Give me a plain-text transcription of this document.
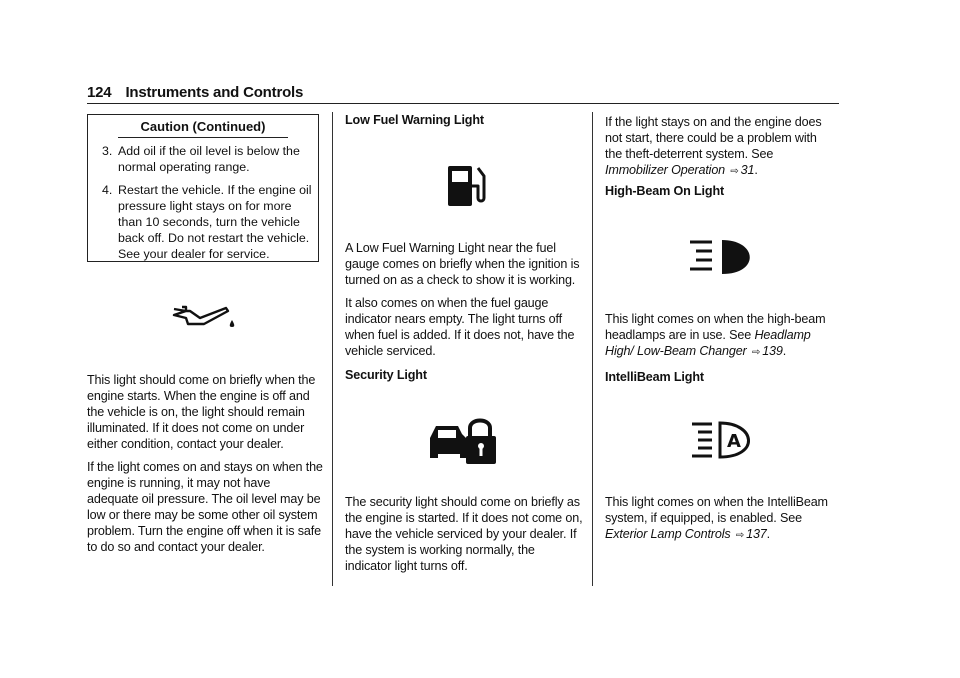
124 Instruments and Controls
Caution (Continued)
3. Add oil if the oil level is below the normal operating range.
4. Restart the vehicle. If the engine oil pressure light stays on for more than 10 seconds, turn the vehicle back off. Do not restart the vehicle. See your dealer for service.

This light should come on briefly when the engine starts. When the engine is off and the vehicle is on, the light should remain illuminated. If it does not come on under either condition, contact your dealer.

If the light comes on and stays on when the engine is running, it may not have adequate oil pressure. The oil level may be low or there may be some other oil system problem. Turn the engine off when it is safe to do so and contact your dealer.

Low Fuel Warning Light

A Low Fuel Warning Light near the fuel gauge comes on briefly when the ignition is turned on as a check to show it is working.

It also comes on when the fuel gauge indicator nears empty. The light turns off when fuel is added. If it does not, have the vehicle serviced.

Security Light

The security light should come on briefly as the engine is started. If it does not come on, have the vehicle serviced by your dealer. If the system is working normally, the indicator light turns off.

If the light stays on and the engine does not start, there could be a problem with the theft-deterrent system. See Immobilizer Operation ⇨ 31.

High-Beam On Light

This light comes on when the high-beam headlamps are in use. See Headlamp High/ Low-Beam Changer ⇨ 139.

IntelliBeam Light
A

This light comes on when the IntelliBeam system, if equipped, is enabled. See Exterior Lamp Controls ⇨ 137.
